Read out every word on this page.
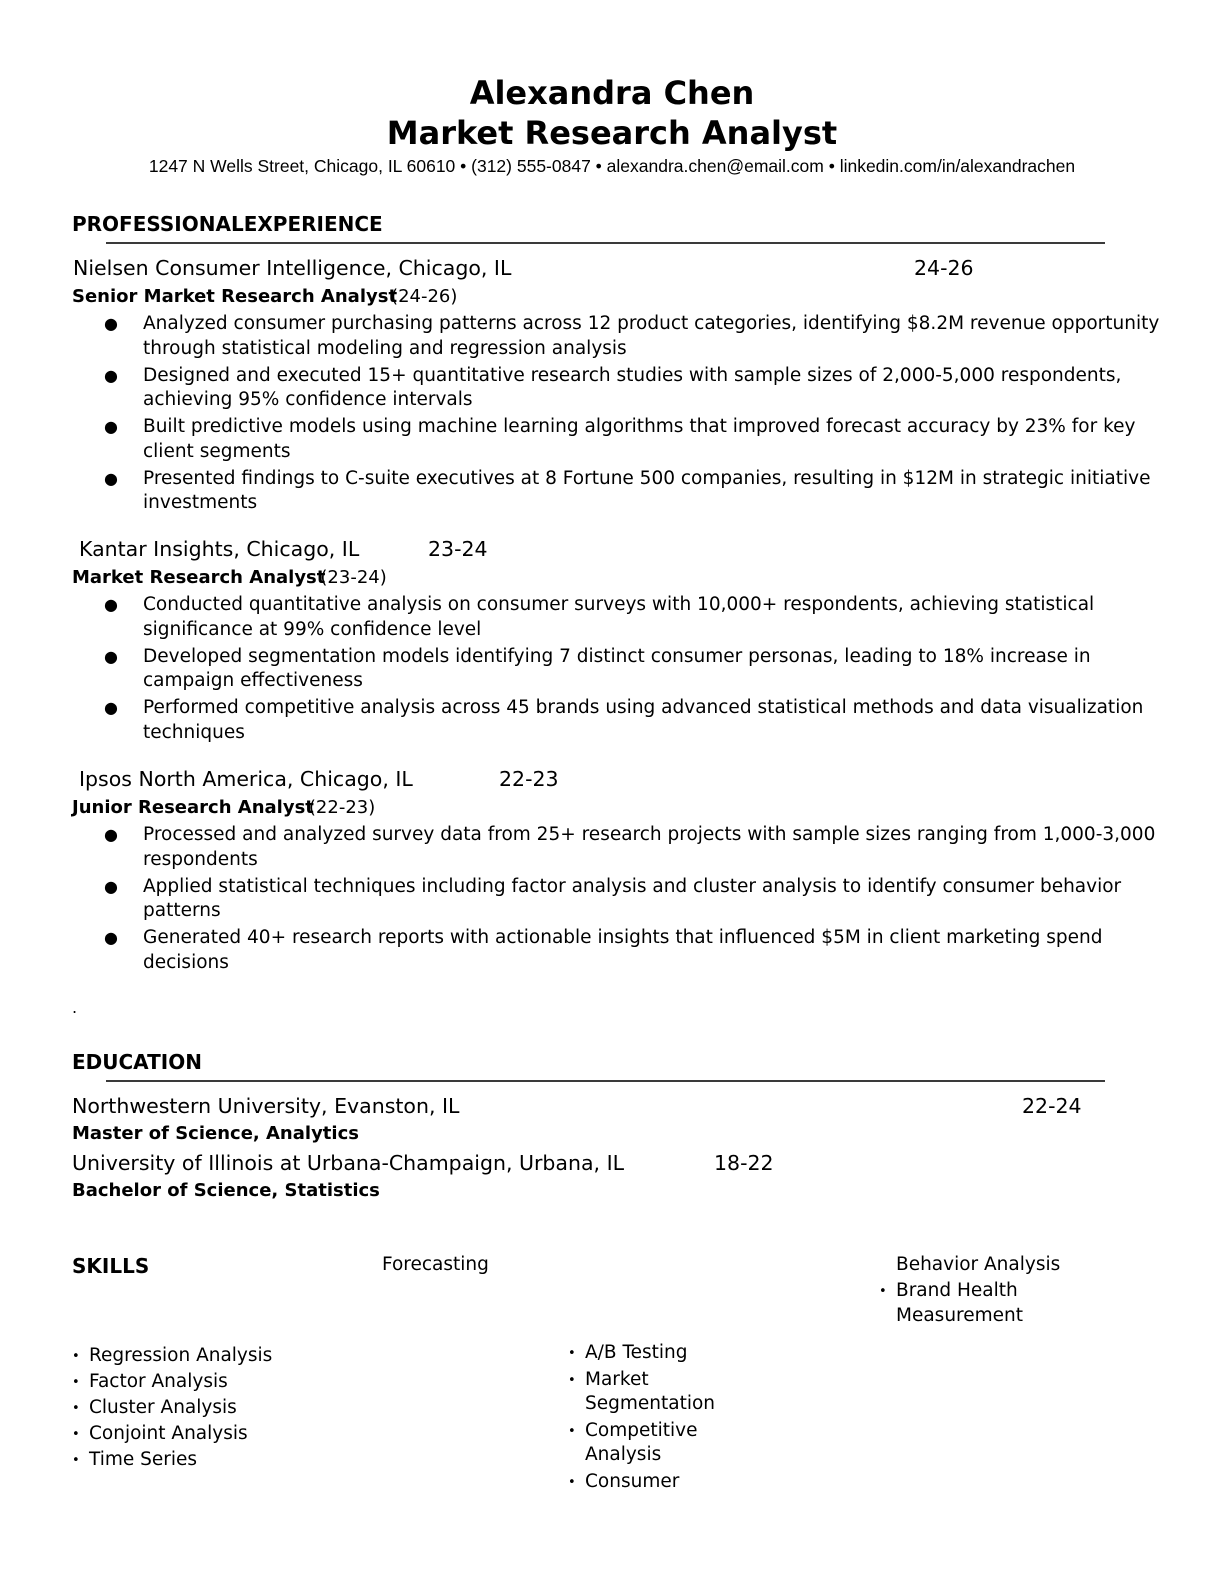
Alexandra Chen
Market Research Analyst
1247 N Wells Street, Chicago, IL 60610 • (312) 555-0847 • alexandra.chen@email.com • linkedin.com/in/alexandrachen
PROFESSIONALEXPERIENCE
Nielsen Consumer Intelligence, Chicago, IL	24-26
Senior Market Research Analyst(24-26)
● Analyzed consumer purchasing patterns across 12 product categories, identifying $8.2M revenue opportunity through statistical modeling and regression analysis
● Designed and executed 15+ quantitative research studies with sample sizes of 2,000-5,000 respondents, achieving 95% confidence intervals
● Built predictive models using machine learning algorithms that improved forecast accuracy by 23% for key client segments
● Presented findings to C-suite executives at 8 Fortune 500 companies, resulting in $12M in strategic initiative investments
Kantar Insights, Chicago, IL	23-24
Market Research Analyst(23-24)
● Conducted quantitative analysis on consumer surveys with 10,000+ respondents, achieving statistical significance at 99% confidence level
● Developed segmentation models identifying 7 distinct consumer personas, leading to 18% increase in campaign effectiveness
● Performed competitive analysis across 45 brands using advanced statistical methods and data visualization techniques
Ipsos North America, Chicago, IL	22-23
Junior Research Analyst(22-23)
● Processed and analyzed survey data from 25+ research projects with sample sizes ranging from 1,000-3,000 respondents
● Applied statistical techniques including factor analysis and cluster analysis to identify consumer behavior patterns
● Generated 40+ research reports with actionable insights that influenced $5M in client marketing spend decisions
.
EDUCATION
Northwestern University, Evanston, IL	22-24
Master of Science, Analytics
University of Illinois at Urbana-Champaign, Urbana, IL	18-22
Bachelor of Science, Statistics
SKILLS	Forecasting	Behavior Analysis
• Brand Health Measurement
• Regression Analysis
• Factor Analysis
• Cluster Analysis
• Conjoint Analysis
• Time Series
• A/B Testing
• Market Segmentation
• Competitive Analysis
• Consumer
